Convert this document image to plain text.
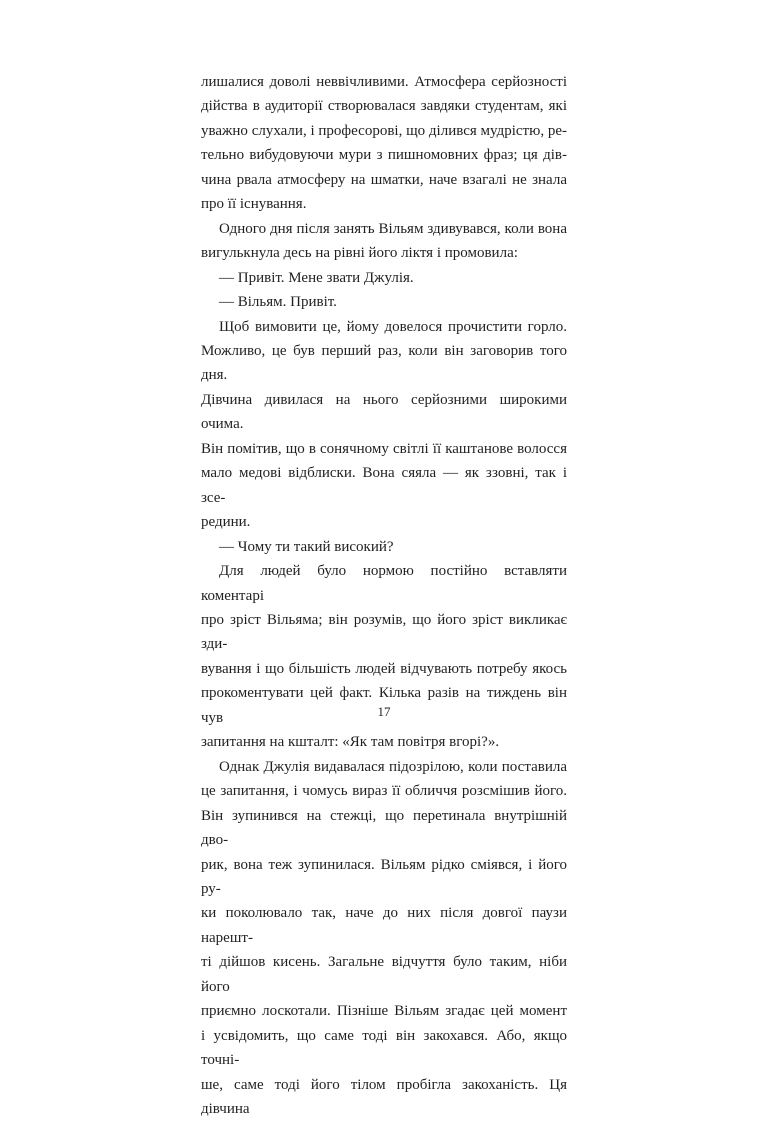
лишалися доволі неввічливими. Атмосфера серйозності

дійства в аудиторії створювалася завдяки студентам, які

уважно слухали, і професорові, що ділився мудрістю, ре-

тельно вибудовуючи мури з пишномовних фраз; ця дів-

чина рвала атмосферу на шматки, наче взагалі не знала

про її існування.

Одного дня після занять Вільям здивувався, коли вона

вигулькнула десь на рівні його ліктя і промовила:

— Привіт. Мене звати Джулія.

— Вільям. Привіт.

Щоб вимовити це, йому довелося прочистити горло.

Можливо, це був перший раз, коли він заговорив того дня.

Дівчина дивилася на нього серйозними широкими очима.

Він помітив, що в сонячному світлі її каштанове волосся

мало медові відблиски. Вона сяяла — як ззовні, так і зсе-

редини.

— Чому ти такий високий?

Для людей було нормою постійно вставляти коментарі

про зріст Вільяма; він розумів, що його зріст викликає зди-

вування і що більшість людей відчувають потребу якось

прокоментувати цей факт. Кілька разів на тиждень він чув

запитання на кшталт: «Як там повітря вгорі?».

Однак Джулія видавалася підозрілою, коли поставила

це запитання, і чомусь вираз її обличчя розсмішив його.

Він зупинився на стежці, що перетинала внутрішній дво-

рик, вона теж зупинилася. Вільям рідко сміявся, і його ру-

ки поколювало так, наче до них після довгої паузи нарешт-

ті дійшов кисень. Загальне відчуття було таким, ніби його

приємно лоскотали. Пізніше Вільям згадає цей момент

і усвідомить, що саме тоді він закохався. Або, якщо точні-

ше, саме тоді його тілом пробігла закоханість. Ця дівчина

17
